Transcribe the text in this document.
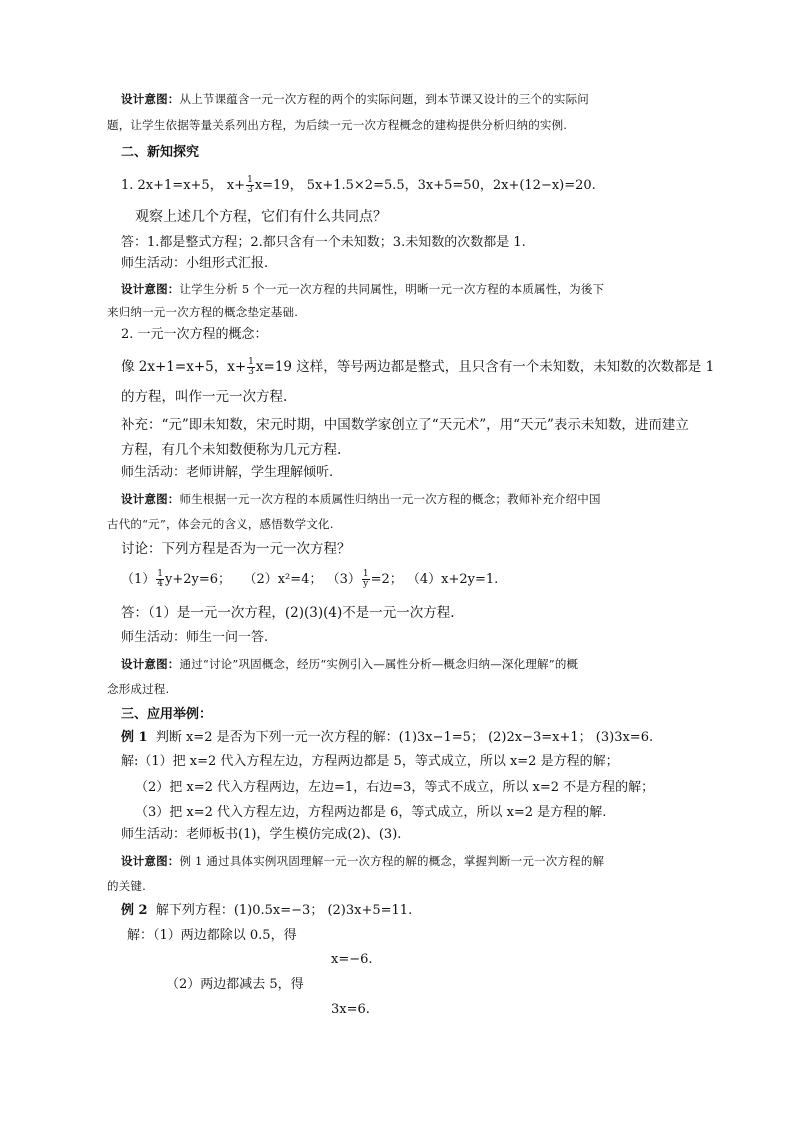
设计意图：从上节课蕴含一元一次方程的两个的实际问题，到本节课又设计的三个的实际问
题，让学生依据等量关系列出方程，为后续一元一次方程概念的建构提供分析归纳的实例.
二、新知探究
1. 2x+1=x+5， $x+ \frac{1}{3} x=19$， 5x+1.5×2=5.5，3x+5=50，2x+(12−x)=20.
观察上述几个方程，它们有什么共同点？
答：1.都是整式方程；2.都只含有一个未知数；3.未知数的次数都是 1.
师生活动：小组形式汇报.
设计意图：让学生分析 5 个一元一次方程的共同属性，明晰一元一次方程的本质属性，为後下
来归纳一元一次方程的概念垫定基础.
2. 一元一次方程的概念：
像 2x+1=x+5，$x+ \frac{1}{3} x=19$ 这样，等号两边都是整式，且只含有一个未知数，未知数的次数都是 1
的方程，叫作一元一次方程.
补充：“元”即未知数，宋元时期，中国数学家创立了“天元术”，用“天元”表示未知数，进而建立
方程，有几个未知数便称为几元方程.
师生活动：老师讲解，学生理解倾听.
设计意图：师生根据一元一次方程的本质属性归纳出一元一次方程的概念；教师补充介绍中国
古代的“元”，体会元的含义，感悟数学文化.
讨论：下列方程是否为一元一次方程？
$(1) \frac{1}{4} y+2y=6$； （2）x²=4； $(3) \frac{1}{y} =2$； （4）x+2y=1.
答：（1）是一元一次方程，(2)(3)(4)不是一元一次方程.
师生活动：师生一问一答.
设计意图：通过“讨论”巩固概念，经历“实例引入—属性分析—概念归纳—深化理解”的概
念形成过程.
三、应用举例：
例 1 判断 x=2 是否为下列一元一次方程的解：(1)3x−1=5； (2)2x−3=x+1； (3)3x=6.
解:（1）把 x=2 代入方程左边，方程两边都是 5，等式成立，所以 x=2 是方程的解；
（2）把 x=2 代入方程两边，左边=1，右边=3，等式不成立，所以 x=2 不是方程的解；
（3）把 x=2 代入方程左边，方程两边都是 6，等式成立，所以 x=2 是方程的解.
师生活动：老师板书(1)，学生模仿完成(2)、(3).
设计意图：例 1 通过具体实例巩固理解一元一次方程的解的概念，掌握判断一元一次方程的解
的关键.
例 2 解下列方程：(1)0.5x=−3； (2)3x+5=11.
解：（1）两边都除以 0.5，得
x=−6.
（2）两边都减去 5，得
3x=6.
